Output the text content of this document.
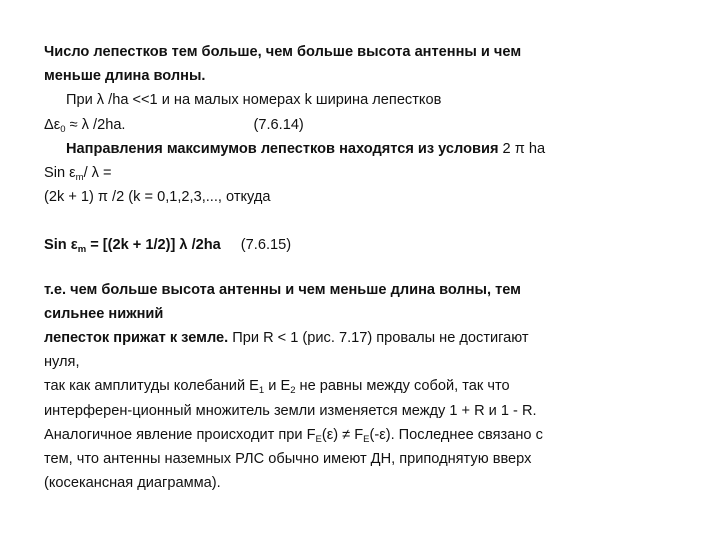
Число лепестков тем больше, чем больше высота антенны и чем
меньше длина волны.
При λ /ha <<1 и на малых номерах k ширина лепестков
$\Delta\varepsilon_0 \approx \lambda$ /2ha.	(7.6.14)
Направления максимумов лепестков находятся из условия 2 π ha
Sin $\varepsilon_m/$ λ =
(2k + 1) π /2 (k = 0,1,2,3,..., откуда
Sin $\varepsilon_m = [(2k + 1/2)]$ λ /2ha (7.6.15)
т.е. чем больше высота антенны и чем меньше длина волны, тем
сильнее нижний
лепесток прижат к земле. При R < 1 (рис. 7.17) провалы не достигают
нуля,
так как амплитуды колебаний $E_1$ и $E_2$ не равны между собой, так что
интерферен-ционный множитель земли изменяется между 1 + R и 1 - R.
Аналогичное явление происходит при $F_E(\varepsilon) \ne F_E(-\varepsilon)$. Последнее связано с
тем, что антенны наземных РЛС обычно имеют ДН, приподнятую вверх
(косекансная диаграмма).
